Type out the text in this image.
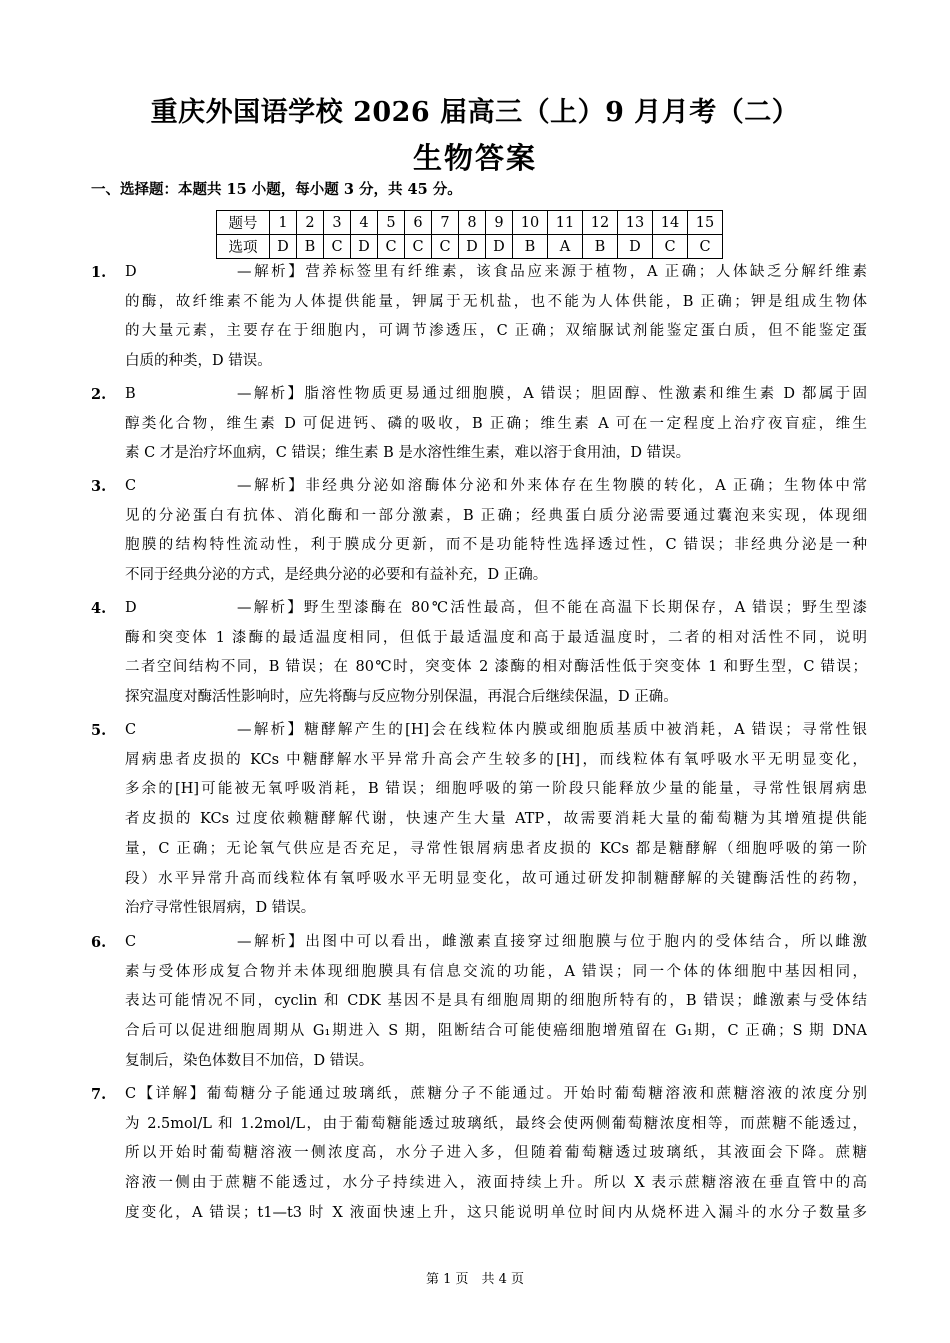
重庆外国语学校 2026 届高三（上）9 月月考（二）
生物答案
一、选择题：本题共 15 小题，每小题 3 分，共 45 分。
题号	1	2	3	4	5	6	7	8	9	10	11	12	13	14	15
选项	D	B	C	D	C	C	C	D	D	B	A	B	D	C	C
1. D	—解析】营养标签里有纤维素，该食品应来源于植物，A 正确；人体缺乏分解纤维素
的酶，故纤维素不能为人体提供能量，钾属于无机盐，也不能为人体供能，B 正确；钾是组成生物体
的大量元素，主要存在于细胞内，可调节渗透压，C 正确；双缩脲试剂能鉴定蛋白质，但不能鉴定蛋
白质的种类，D 错误。
2. B	—解析】脂溶性物质更易通过细胞膜，A 错误；胆固醇、性激素和维生素 D 都属于固
醇类化合物，维生素 D 可促进钙、磷的吸收，B 正确；维生素 A 可在一定程度上治疗夜盲症，维生
素 C 才是治疗坏血病，C 错误；维生素 B 是水溶性维生素，难以溶于食用油，D 错误。
3. C	—解析】非经典分泌如溶酶体分泌和外来体存在生物膜的转化，A 正确；生物体中常
见的分泌蛋白有抗体、消化酶和一部分激素，B 正确；经典蛋白质分泌需要通过囊泡来实现，体现细
胞膜的结构特性流动性，利于膜成分更新，而不是功能特性选择透过性，C 错误；非经典分泌是一种
不同于经典分泌的方式，是经典分泌的必要和有益补充，D 正确。
4. D	—解析】野生型漆酶在 80℃活性最高，但不能在高温下长期保存，A 错误；野生型漆
酶和突变体 1 漆酶的最适温度相同，但低于最适温度和高于最适温度时，二者的相对活性不同，说明
二者空间结构不同，B 错误；在 80℃时，突变体 2 漆酶的相对酶活性低于突变体 1 和野生型，C 错误；
探究温度对酶活性影响时，应先将酶与反应物分别保温，再混合后继续保温，D 正确。
5. C	—解析】糖酵解产生的[H]会在线粒体内膜或细胞质基质中被消耗，A 错误；寻常性银
屑病患者皮损的 KCs 中糖酵解水平异常升高会产生较多的[H]，而线粒体有氧呼吸水平无明显变化，
多余的[H]可能被无氧呼吸消耗，B 错误；细胞呼吸的第一阶段只能释放少量的能量，寻常性银屑病患
者皮损的 KCs 过度依赖糖酵解代谢，快速产生大量 ATP，故需要消耗大量的葡萄糖为其增殖提供能
量，C 正确；无论氧气供应是否充足，寻常性银屑病患者皮损的 KCs 都是糖酵解（细胞呼吸的第一阶
段）水平异常升高而线粒体有氧呼吸水平无明显变化，故可通过研发抑制糖酵解的关键酶活性的药物，
治疗寻常性银屑病，D 错误。
6. C	—解析】出图中可以看出，雌激素直接穿过细胞膜与位于胞内的受体结合，所以雌激
素与受体形成复合物并未体现细胞膜具有信息交流的功能，A 错误；同一个体的体细胞中基因相同，
表达可能情况不同，cyclin 和 CDK 基因不是具有细胞周期的细胞所特有的，B 错误；雌激素与受体结
合后可以促进细胞周期从 G₁期进入 S 期，阻断结合可能使癌细胞增殖留在 G₁期，C 正确；S 期 DNA
复制后，染色体数目不加倍，D 错误。
7.	C【详解】葡萄糖分子能通过玻璃纸，蔗糖分子不能通过。开始时葡萄糖溶液和蔗糖溶液的浓度分别
为 2.5mol/L 和 1.2mol/L，由于葡萄糖能透过玻璃纸，最终会使两侧葡萄糖浓度相等，而蔗糖不能透过，
所以开始时葡萄糖溶液一侧浓度高，水分子进入多，但随着葡萄糖透过玻璃纸，其液面会下降。蔗糖
溶液一侧由于蔗糖不能透过，水分子持续进入，液面持续上升。所以 X 表示蔗糖溶液在垂直管中的高
度变化，A 错误；t1—t3 时 X 液面快速上升，这只能说明单位时间内从烧杯进入漏斗的水分子数量多
第 1 页　共 4 页
